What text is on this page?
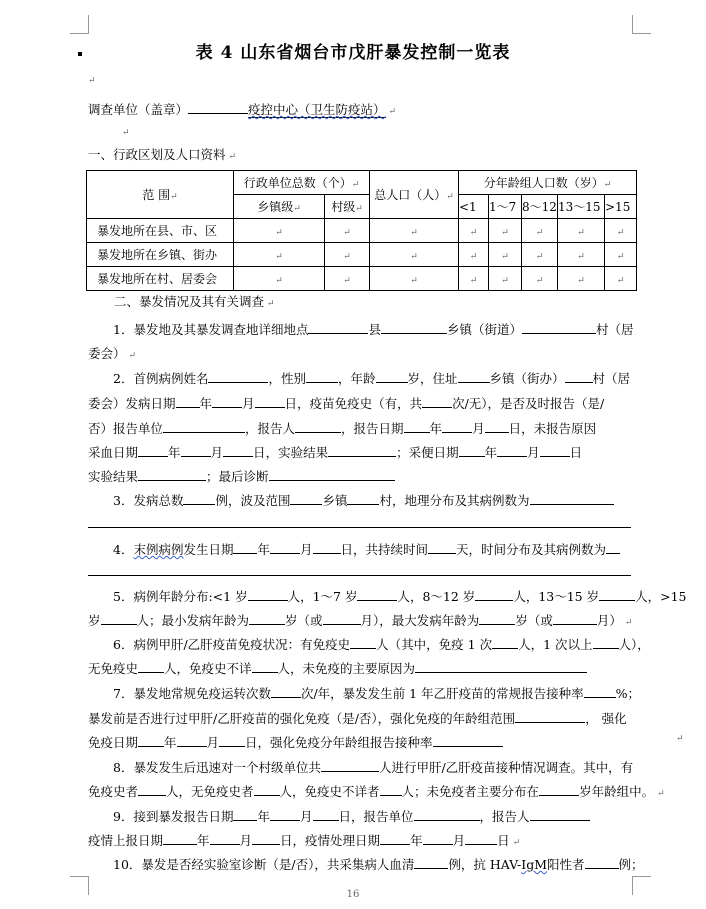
表 4 山东省烟台市戊肝暴发控制一览表
↵
调查单位（盖章）	疫控中心（卫生防疫站） ↵
↵
一、行政区划及人口资料 ↵
范 围↵	行政单位总数（个）↵		总人口（人）↵	分年龄组人口数（岁）↵				
	乡镇级↵	村级↵		<1	1～7	8～12	13～15	>15
暴发地所在县、市、区	↵	↵	↵	↵	↵	↵	↵	↵
暴发地所在乡镇、街办	↵	↵	↵	↵	↵	↵	↵	↵
暴发地所在村、居委会	↵	↵	↵	↵	↵	↵	↵	↵
二、暴发情况及其有关调查 ↵
1．暴发地及其暴发调查地详细地点	县	乡镇（街道）	村（居
委会） ↵
2．首例病例姓名	，性别	，年龄	岁，住址	乡镇（街办） 村（居
委会）发病日期 年 月 日，疫苗免疫史（有，共 次/无），是否及时报告（是/
否）报告单位	，报告人	，报告日期 年 月 日，未报告原因
采血日期 年 月 日，实验结果	；采便日期 年 月 日
实验结果	；最后诊断
3．发病总数	例，波及范围	乡镇	村，地理分布及其病例数为
4．末例病例发生日期 年 月 日，共持续时间 天，时间分布及其病例数为
5．病例年龄分布:<1 岁	人，1～7 岁	人，8～12 岁	人，13～15 岁	人，>15
岁	人；最小发病年龄为	岁（或	月），最大发病年龄为	岁（或	月） ↵
6．病例甲肝/乙肝疫苗免疫状况：有免疫史 人（其中，免疫 1 次 人，1 次以上 人），
无免疫史 人，免疫史不详 人，未免疫的主要原因为
7．暴发地常规免疫运转次数 次/年，暴发发生前 1 年乙肝疫苗的常规报告接种率	%；
暴发前是否进行过甲肝/乙肝疫苗的强化免疫（是/否），强化免疫的年龄组范围	， 强化
免疫日期 年 月 日，强化免疫分年龄组报告接种率	↵
8．暴发发生后迅速对一个村级单位共	人进行甲肝/乙肝疫苗接种情况调查。其中，有
免疫史者 人，无免疫史者 人，免疫史不详者 人；未免疫者主要分布在	岁年龄组中。 ↵
9．接到暴发报告日期 年 月 日，报告单位	，报告人
疫情上报日期	年 月 日，疫情处理日期 年 月	日 ↵
10．暴发是否经实验室诊断（是/否），共采集病人血清	例，抗 HAV-IgM阳性者	例；
16
